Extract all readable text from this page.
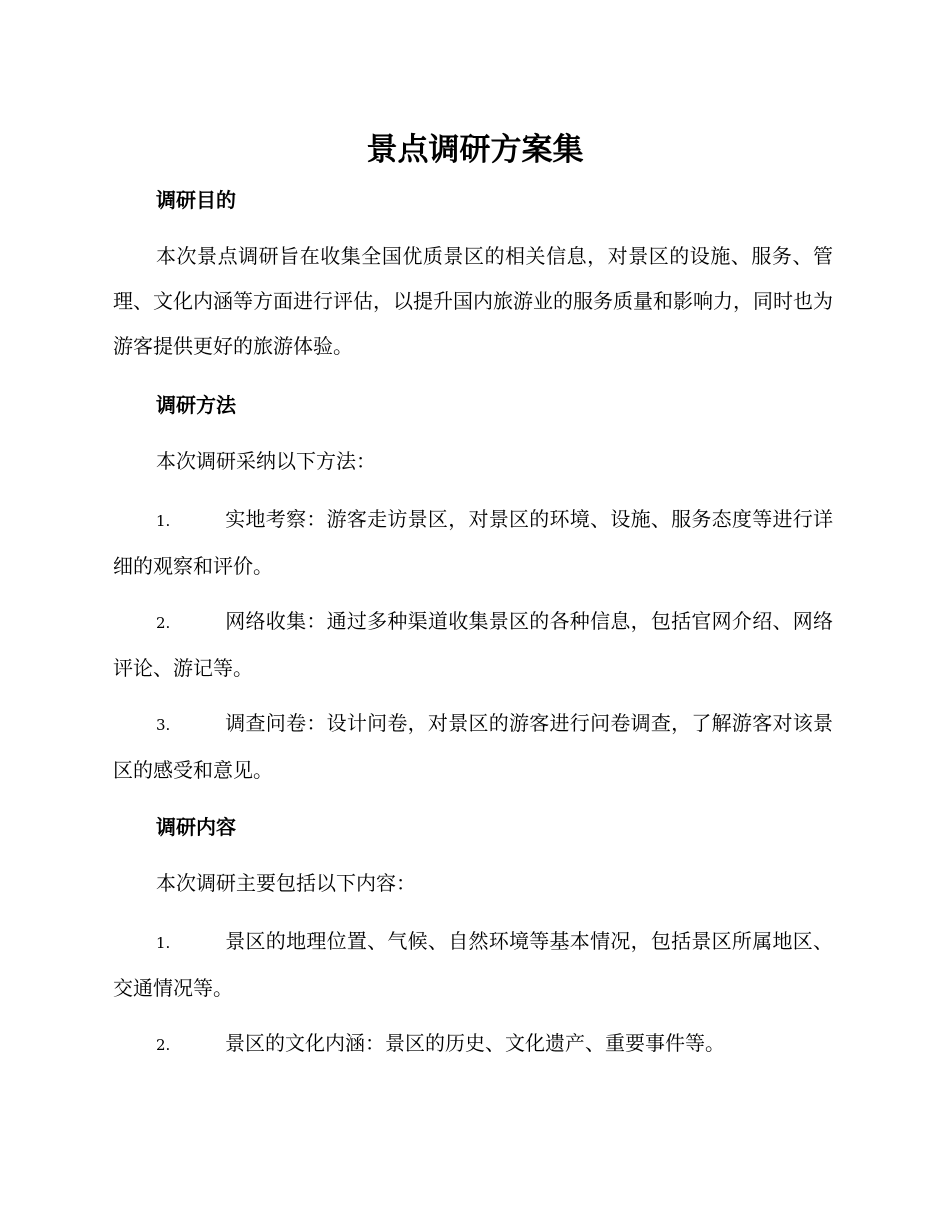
景点调研方案集
调研目的

本次景点调研旨在收集全国优质景区的相关信息，对景区的设施、服务、管理、文化内涵等方面进行评估，以提升国内旅游业的服务质量和影响力，同时也为游客提供更好的旅游体验。

调研方法

本次调研采纳以下方法：

1.	实地考察：游客走访景区，对景区的环境、设施、服务态度等进行详细的观察和评价。

2.	网络收集：通过多种渠道收集景区的各种信息，包括官网介绍、网络评论、游记等。

3.	调查问卷：设计问卷，对景区的游客进行问卷调查，了解游客对该景区的感受和意见。

调研内容

本次调研主要包括以下内容：

1.	景区的地理位置、气候、自然环境等基本情况，包括景区所属地区、交通情况等。

2.	景区的文化内涵：景区的历史、文化遗产、重要事件等。
